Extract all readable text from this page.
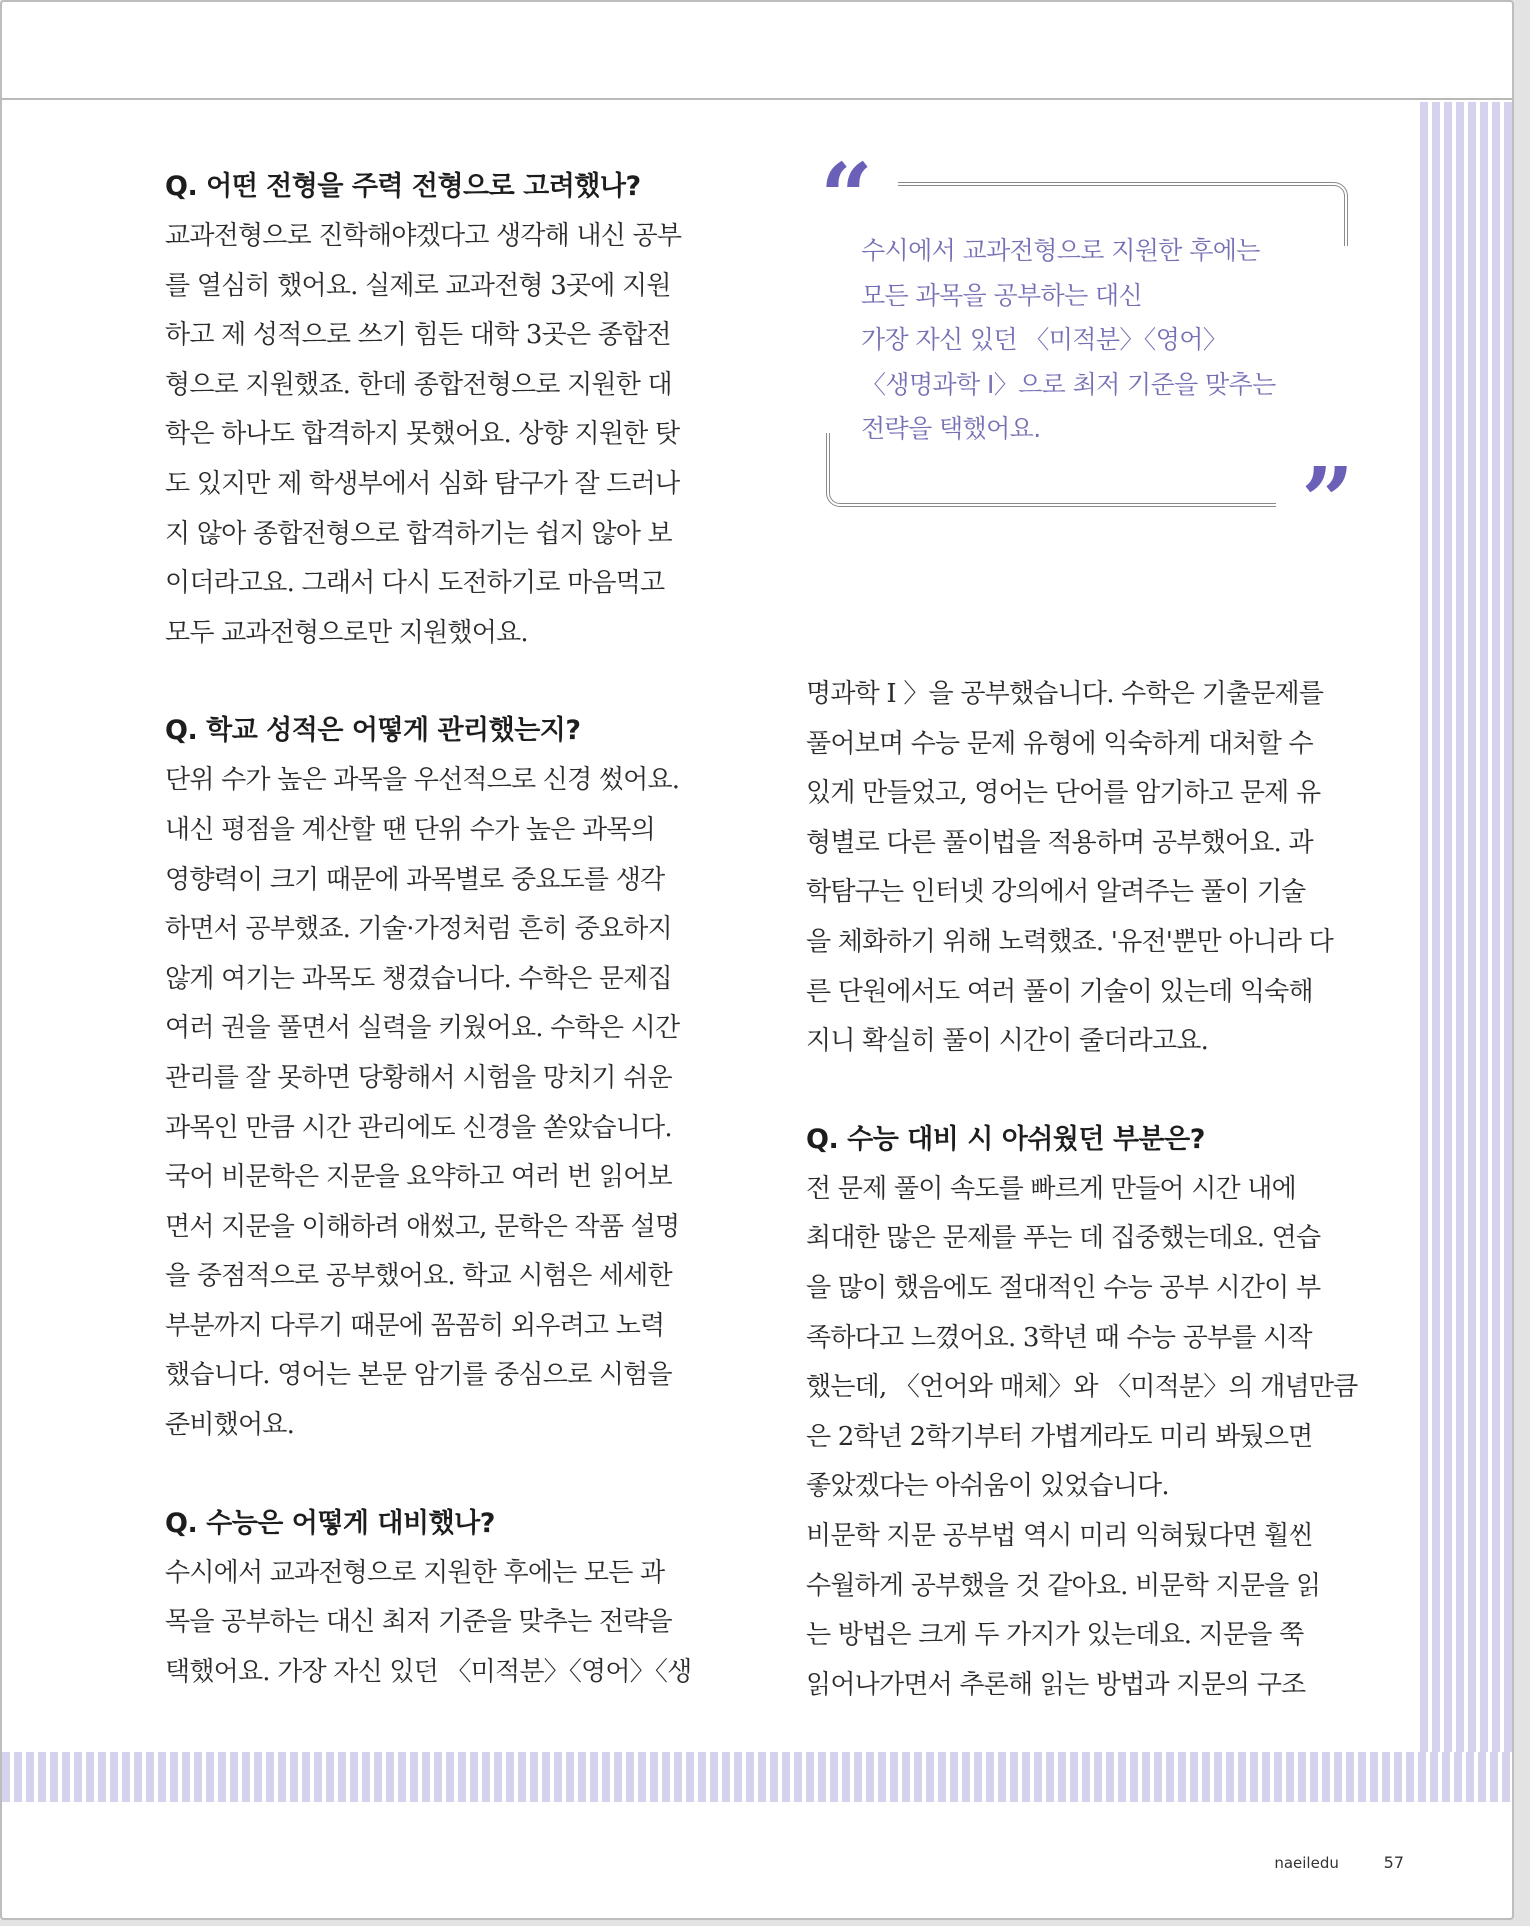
Q. 어떤 전형을 주력 전형으로 고려했나?
교과전형으로 진학해야겠다고 생각해 내신 공부
를 열심히 했어요. 실제로 교과전형 3곳에 지원
하고 제 성적으로 쓰기 힘든 대학 3곳은 종합전
형으로 지원했죠. 한데 종합전형으로 지원한 대
학은 하나도 합격하지 못했어요. 상향 지원한 탓
도 있지만 제 학생부에서 심화 탐구가 잘 드러나
지 않아 종합전형으로 합격하기는 쉽지 않아 보
이더라고요. 그래서 다시 도전하기로 마음먹고
모두 교과전형으로만 지원했어요.
Q. 학교 성적은 어떻게 관리했는지?
단위 수가 높은 과목을 우선적으로 신경 썼어요.
내신 평점을 계산할 땐 단위 수가 높은 과목의
영향력이 크기 때문에 과목별로 중요도를 생각
하면서 공부했죠. 기술·가정처럼 흔히 중요하지
않게 여기는 과목도 챙겼습니다. 수학은 문제집
여러 권을 풀면서 실력을 키웠어요. 수학은 시간
관리를 잘 못하면 당황해서 시험을 망치기 쉬운
과목인 만큼 시간 관리에도 신경을 쏟았습니다.
국어 비문학은 지문을 요약하고 여러 번 읽어보
면서 지문을 이해하려 애썼고, 문학은 작품 설명
을 중점적으로 공부했어요. 학교 시험은 세세한
부분까지 다루기 때문에 꼼꼼히 외우려고 노력
했습니다. 영어는 본문 암기를 중심으로 시험을
준비했어요.
Q. 수능은 어떻게 대비했나?
수시에서 교과전형으로 지원한 후에는 모든 과
목을 공부하는 대신 최저 기준을 맞추는 전략을
택했어요. 가장 자신 있던 〈미적분〉〈영어〉〈생
“
”
수시에서 교과전형으로 지원한 후에는
모든 과목을 공부하는 대신
가장 자신 있던 〈미적분〉〈영어〉
〈생명과학 I〉으로 최저 기준을 맞추는
전략을 택했어요.
명과학 I 〉을 공부했습니다. 수학은 기출문제를
풀어보며 수능 문제 유형에 익숙하게 대처할 수
있게 만들었고, 영어는 단어를 암기하고 문제 유
형별로 다른 풀이법을 적용하며 공부했어요. 과
학탐구는 인터넷 강의에서 알려주는 풀이 기술
을 체화하기 위해 노력했죠. '유전'뿐만 아니라 다
른 단원에서도 여러 풀이 기술이 있는데 익숙해
지니 확실히 풀이 시간이 줄더라고요.
Q. 수능 대비 시 아쉬웠던 부분은?
전 문제 풀이 속도를 빠르게 만들어 시간 내에
최대한 많은 문제를 푸는 데 집중했는데요. 연습
을 많이 했음에도 절대적인 수능 공부 시간이 부
족하다고 느꼈어요. 3학년 때 수능 공부를 시작
했는데, 〈언어와 매체〉와 〈미적분〉의 개념만큼
은 2학년 2학기부터 가볍게라도 미리 봐뒀으면
좋았겠다는 아쉬움이 있었습니다.
비문학 지문 공부법 역시 미리 익혀뒀다면 훨씬
수월하게 공부했을 것 같아요. 비문학 지문을 읽
는 방법은 크게 두 가지가 있는데요. 지문을 쭉
읽어나가면서 추론해 읽는 방법과 지문의 구조
naeiledu	57
